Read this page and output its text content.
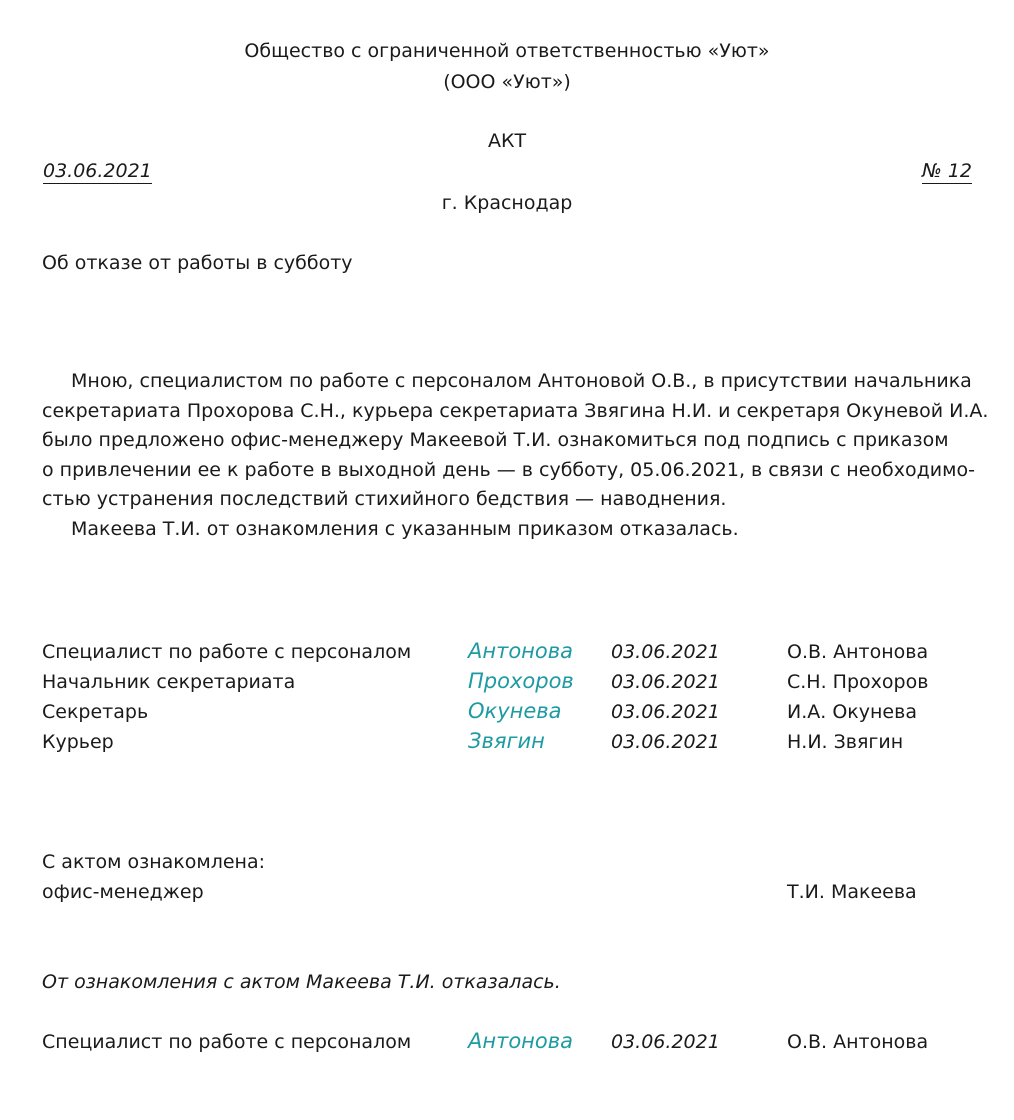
Общество с ограниченной ответственностью «Уют»
(ООО «Уют»)
АКТ
03.06.2021	№ 12
г. Краснодар
Об отказе от работы в субботу

Мною, специалистом по работе с персоналом Антоновой О.В., в присутствии начальника

секретариата Прохорова С.Н., курьера секретариата Звягина Н.И. и секретаря Окуневой И.А.

было предложено офис-менеджеру Макеевой Т.И. ознакомиться под подпись с приказом

о привлечении ее к работе в выходной день — в субботу, 05.06.2021, в связи с необходимо-

стью устранения последствий стихийного бедствия — наводнения.

Макеева Т.И. от ознакомления с указанным приказом отказалась.

Специалист по работе с персоналом	Антонова 03.06.2021	О.В. Антонова
Начальник секретариата	Прохоров 03.06.2021	С.Н. Прохоров
Секретарь	Окунева	03.06.2021	И.А. Окунева
Курьер	Звягин	03.06.2021	Н.И. Звягин
С актом ознакомлена:
офис-менеджер	Т.И. Макеева
От ознакомления с актом Макеева Т.И. отказалась.
Специалист по работе с персоналом	Антонова 03.06.2021	О.В. Антонова
